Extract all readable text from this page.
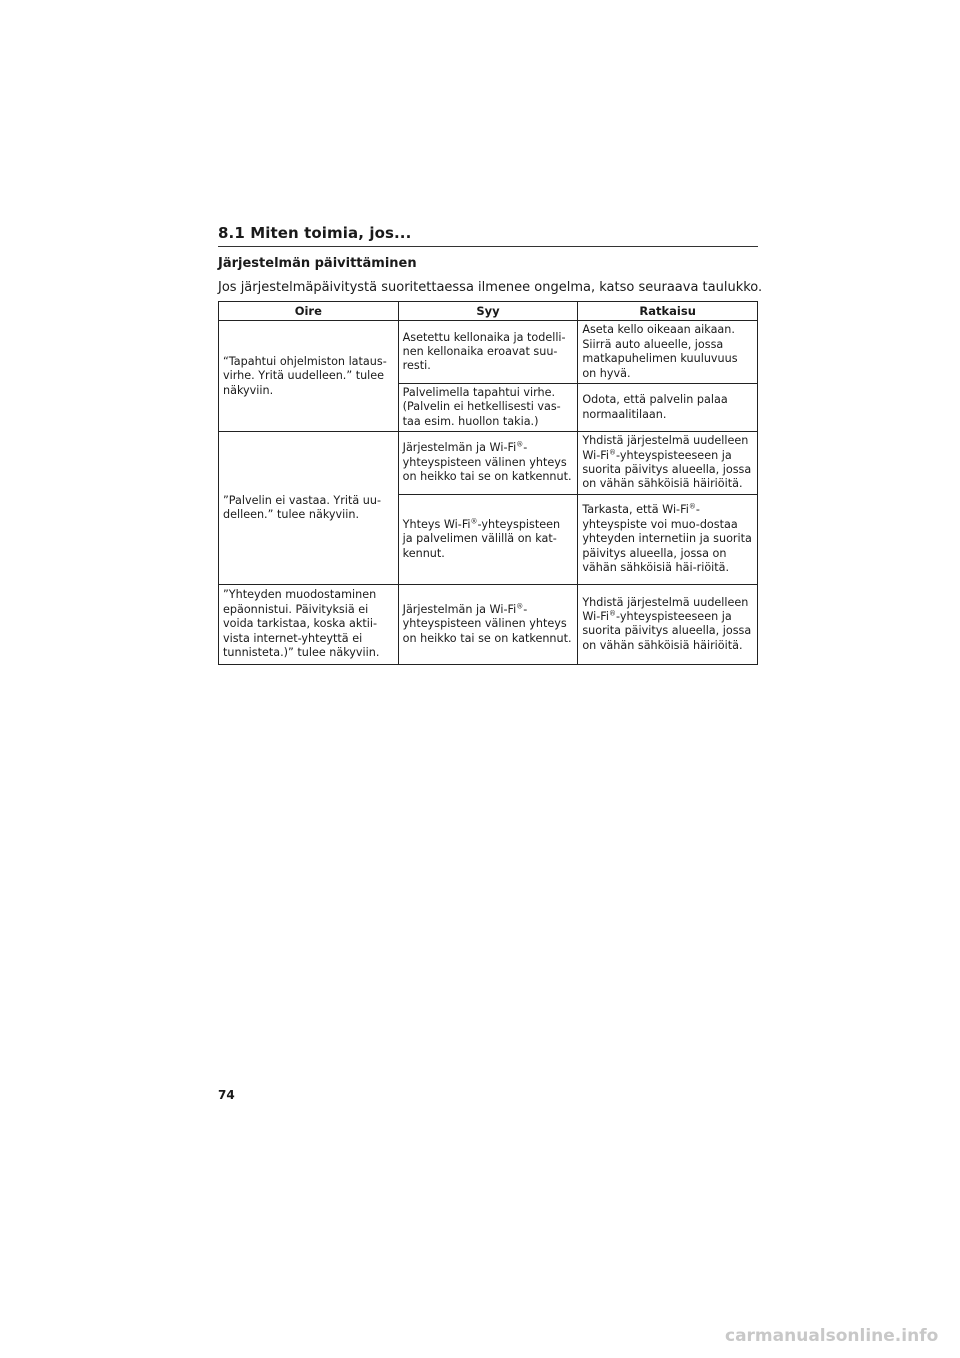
8.1 Miten toimia, jos...
Järjestelmän päivittäminen
Jos järjestelmäpäivitystä suoritettaessa ilmenee ongelma, katso seuraava taulukko.
Oire	Syy	Ratkaisu
“Tapahtui ohjelmiston lataus-virhe. Yritä uudelleen.” tulee näkyviin.	Asetettu kellonaika ja todelli-nen kellonaika eroavat suu-resti.	Aseta kello oikeaan aikaan. Siirrä auto alueelle, jossa matkapuhelimen kuuluvuus on hyvä.
	Palvelimella tapahtui virhe. (Palvelin ei hetkellisesti vas-taa esim. huollon takia.)	Odota, että palvelin palaa normaalitilaan.
”Palvelin ei vastaa. Yritä uu-delleen.” tulee näkyviin.	Järjestelmän ja Wi-Fi®-yhteyspisteen välinen yhteys on heikko tai se on katkennut.	Yhdistä järjestelmä uudelleen Wi-Fi®-yhteyspisteeseen ja suorita päivitys alueella, jossa on vähän sähköisiä häiriöitä.
	Yhteys Wi-Fi®-yhteyspisteen ja palvelimen välillä on kat-kennut.	Tarkasta, että Wi-Fi®-yhteyspiste voi muo-dostaa yhteyden internetiin ja suorita päivitys alueella, jossa on vähän sähköisiä häi-riöitä.
”Yhteyden muodostaminen epäonnistui. Päivityksiä ei voida tarkistaa, koska aktii-vista internet-yhteyttä ei tunnisteta.)” tulee näkyviin.	Järjestelmän ja Wi-Fi®-yhteyspisteen välinen yhteys on heikko tai se on katkennut.	Yhdistä järjestelmä uudelleen Wi-Fi®-yhteyspisteeseen ja suorita päivitys alueella, jossa on vähän sähköisiä häiriöitä.
74
carmanualsonline.info
